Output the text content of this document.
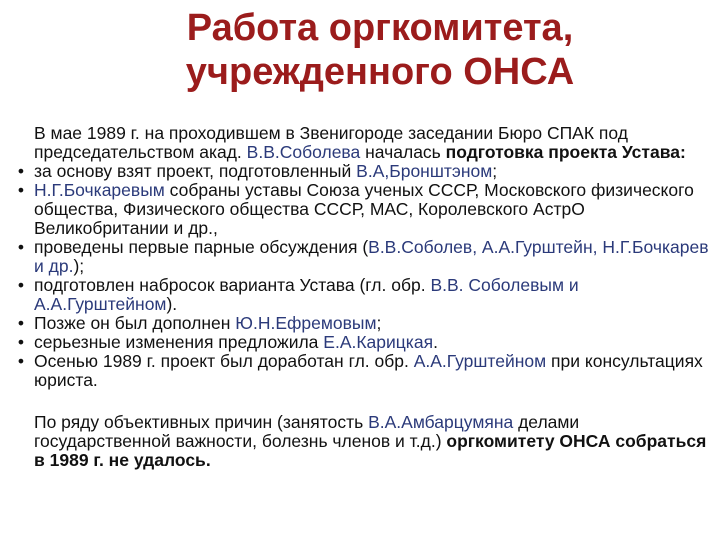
Работа оргкомитета,
учрежденного ОНСА

В мае 1989 г. на проходившем в Звенигороде заседании Бюро СПАК под председательством акад. В.В.Соболева началась подготовка проекта Устава:

• за основу взят проект, подготовленный В.А,Бронштэном;
• Н.Г.Бочкаревым собраны уставы Союза ученых СССР, Московского физического общества, Физического общества СССР, МАС, Королевского АстрО Великобритании и др.,
• проведены первые парные обсуждения (В.В.Соболев, А.А.Гурштейн, Н.Г.Бочкарев и др.);
• подготовлен набросок варианта Устава (гл. обр. В.В. Соболевым и А.А.Гурштейном).
• Позже он был дополнен Ю.Н.Ефремовым;
• серьезные изменения предложила Е.А.Карицкая.
• Осенью 1989 г. проект был доработан гл. обр. А.А.Гурштейном при консультациях юриста.

По ряду объективных причин (занятость В.А.Амбарцумяна делами государственной важности, болезнь членов и т.д.) оргкомитету ОНСА собраться в 1989 г. не удалось.
